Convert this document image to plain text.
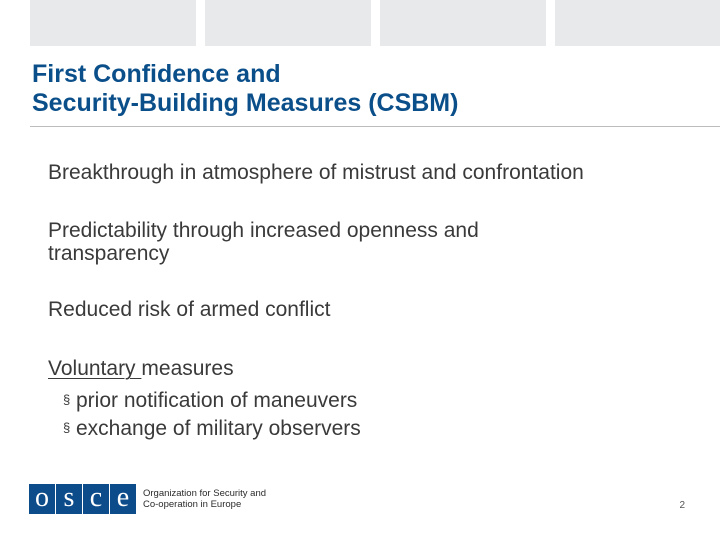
First Confidence and
Security-Building Measures (CSBM)
Breakthrough in atmosphere of mistrust and confrontation
Predictability through increased openness and
transparency
Reduced risk of armed conflict
Voluntary measures
§ prior notification of maneuvers
§ exchange of military observers
o s c e	Organization for Security and
Co-operation in Europe	2
